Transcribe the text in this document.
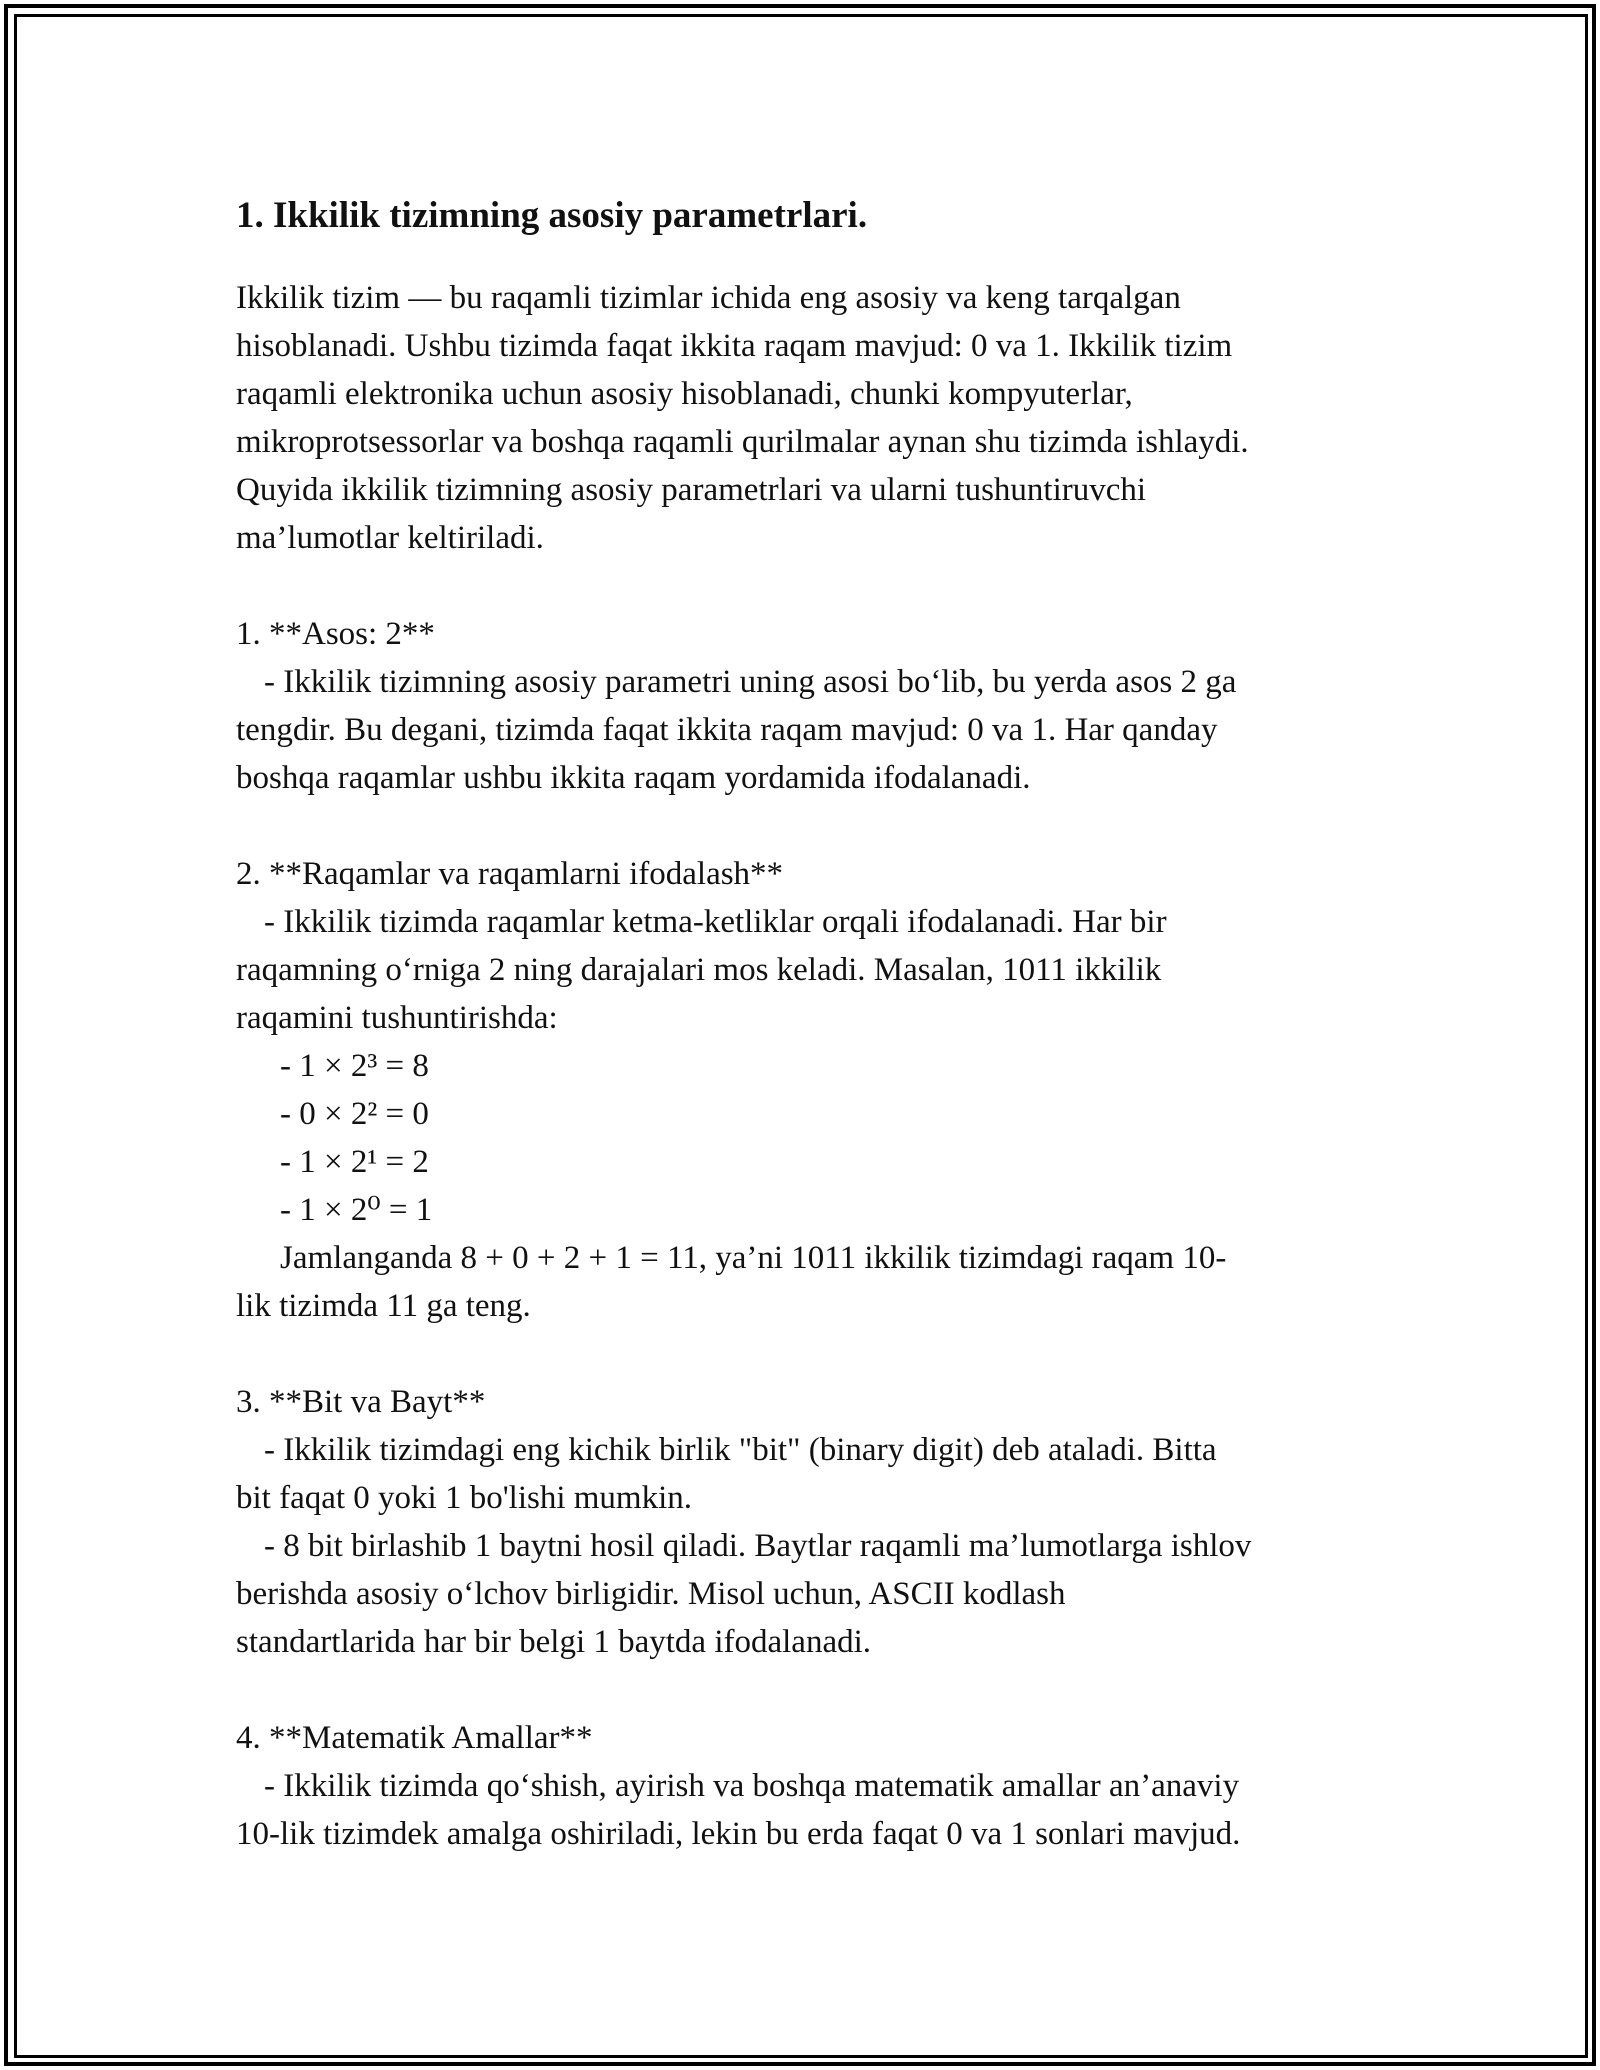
1. Ikkilik tizimning asosiy parametrlari.
Ikkilik tizim — bu raqamli tizimlar ichida eng asosiy va keng tarqalgan
hisoblanadi. Ushbu tizimda faqat ikkita raqam mavjud: 0 va 1. Ikkilik tizim
raqamli elektronika uchun asosiy hisoblanadi, chunki kompyuterlar,
mikroprotsessorlar va boshqa raqamli qurilmalar aynan shu tizimda ishlaydi.
Quyida ikkilik tizimning asosiy parametrlari va ularni tushuntiruvchi
ma’lumotlar keltiriladi.
1. **Asos: 2**
- Ikkilik tizimning asosiy parametri uning asosi bo‘lib, bu yerda asos 2 ga
tengdir. Bu degani, tizimda faqat ikkita raqam mavjud: 0 va 1. Har qanday
boshqa raqamlar ushbu ikkita raqam yordamida ifodalanadi.
2. **Raqamlar va raqamlarni ifodalash**
- Ikkilik tizimda raqamlar ketma-ketliklar orqali ifodalanadi. Har bir
raqamning o‘rniga 2 ning darajalari mos keladi. Masalan, 1011 ikkilik
raqamini tushuntirishda:
- 1 × 2³ = 8
- 0 × 2² = 0
- 1 × 2¹ = 2
- 1 × 2⁰ = 1
Jamlanganda 8 + 0 + 2 + 1 = 11, ya’ni 1011 ikkilik tizimdagi raqam 10-
lik tizimda 11 ga teng.
3. **Bit va Bayt**
- Ikkilik tizimdagi eng kichik birlik "bit" (binary digit) deb ataladi. Bitta
bit faqat 0 yoki 1 bo'lishi mumkin.
- 8 bit birlashib 1 baytni hosil qiladi. Baytlar raqamli ma’lumotlarga ishlov
berishda asosiy o‘lchov birligidir. Misol uchun, ASCII kodlash
standartlarida har bir belgi 1 baytda ifodalanadi.
4. **Matematik Amallar**
- Ikkilik tizimda qo‘shish, ayirish va boshqa matematik amallar an’anaviy
10-lik tizimdek amalga oshiriladi, lekin bu erda faqat 0 va 1 sonlari mavjud.
